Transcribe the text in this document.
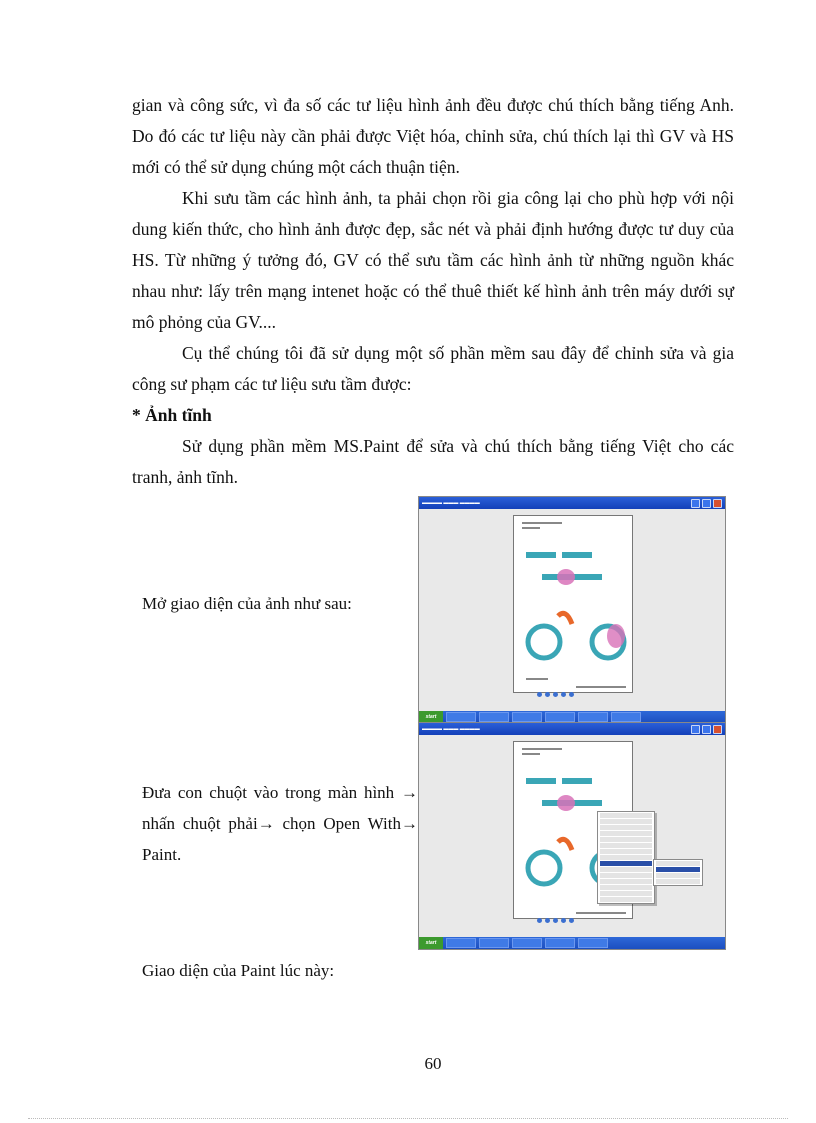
gian và công sức, vì đa số các tư liệu hình ảnh đều được chú thích bằng tiếng Anh. Do đó các tư liệu này cần phải được Việt hóa, chỉnh sửa, chú thích lại thì GV và HS mới có thể sử dụng chúng một cách thuận tiện.

Khi sưu tầm các hình ảnh, ta phải chọn rồi gia công lại cho phù hợp với nội dung kiến thức, cho hình ảnh được đẹp, sắc nét và phải định hướng được tư duy của HS. Từ những ý tưởng đó, GV có thể sưu tầm các hình ảnh từ những nguồn khác nhau như: lấy trên mạng intenet hoặc có thể thuê thiết kế hình ảnh trên máy dưới sự mô phỏng của GV....

Cụ thể chúng tôi đã sử dụng một số phần mềm sau đây để chỉnh sửa và gia công sư phạm các tư liệu sưu tầm được:

* Ảnh tĩnh

Sử dụng phần mềm MS.Paint để sửa và chú thích bằng tiếng Việt cho các tranh, ảnh tĩnh.

▬▬▬▬ ▬▬▬ ▬▬▬▬
start

Mở giao diện của ảnh như sau:

▬▬▬▬ ▬▬▬ ▬▬▬▬
start

Đưa con chuột vào trong màn hình → nhấn chuột phải→ chọn Open With→ Paint.

Giao diện của Paint lúc này:

60
